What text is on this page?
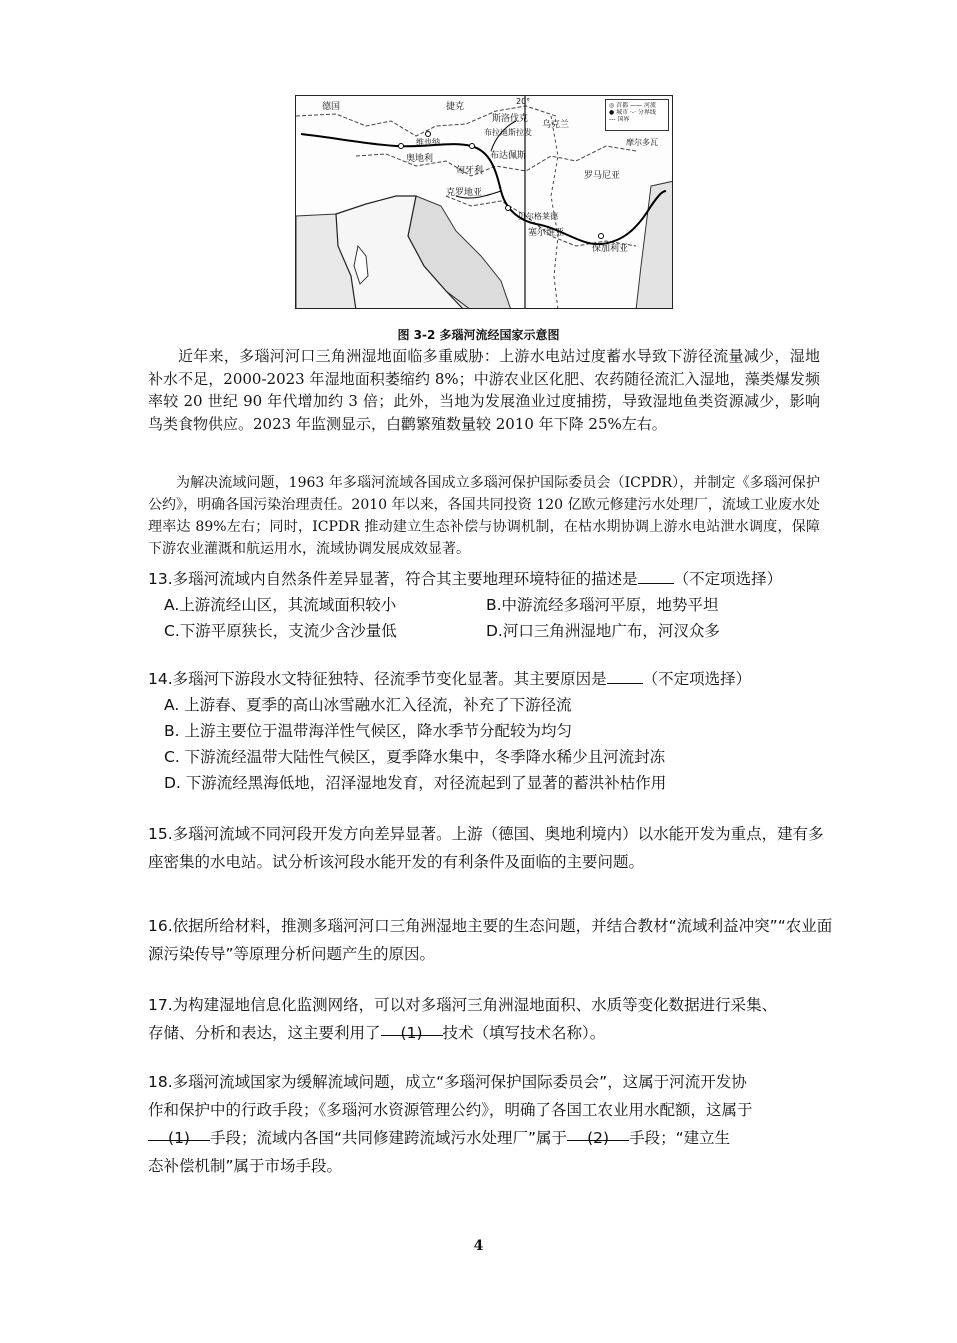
德国	捷克
20°
斯洛伐克
布拉迪斯拉发
乌克兰
维也纳
奥地利	布达佩斯
匈牙利
克罗地亚
罗马尼亚
贝尔格莱德
塞尔维亚
保加利亚
摩尔多瓦
◎ 首都 —— 河流
● 城市 ·-· 分界线
--- 国界
图 3-2 多瑙河流经国家示意图

近年来，多瑙河河口三角洲湿地面临多重威胁：上游水电站过度蓄水导致下游径流量减少，湿地补水不足，2000-2023 年湿地面积萎缩约 8%；中游农业区化肥、农药随径流汇入湿地，藻类爆发频率较 20 世纪 90 年代增加约 3 倍；此外，当地为发展渔业过度捕捞，导致湿地鱼类资源减少，影响鸟类食物供应。2023 年监测显示，白鹳繁殖数量较 2010 年下降 25%左右。

为解决流域问题，1963 年多瑙河流域各国成立多瑙河保护国际委员会（ICPDR），并制定《多瑙河保护公约》，明确各国污染治理责任。2010 年以来，各国共同投资 120 亿欧元修建污水处理厂，流域工业废水处理率达 89%左右；同时，ICPDR 推动建立生态补偿与协调机制，在枯水期协调上游水电站泄水调度，保障下游农业灌溉和航运用水，流域协调发展成效显著。

13.多瑙河流域内自然条件差异显著，符合其主要地理环境特征的描述是 （不定项选择）
A.上游流经山区，其流域面积较小	B.中游流经多瑙河平原，地势平坦
C.下游平原狭长，支流少含沙量低	D.河口三角洲湿地广布，河汊众多
14.多瑙河下游段水文特征独特、径流季节变化显著。其主要原因是 （不定项选择）
A. 上游春、夏季的高山冰雪融水汇入径流，补充了下游径流
B. 上游主要位于温带海洋性气候区，降水季节分配较为均匀
C. 下游流经温带大陆性气候区，夏季降水集中，冬季降水稀少且河流封冻
D. 下游流经黑海低地，沼泽湿地发育，对径流起到了显著的蓄洪补枯作用
15.多瑙河流域不同河段开发方向差异显著。上游（德国、奥地利境内）以水能开发为重点，建有多座密集的水电站。试分析该河段水能开发的有利条件及面临的主要问题。
16.依据所给材料，推测多瑙河河口三角洲湿地主要的生态问题，并结合教材“流域利益冲突”“农业面源污染传导”等原理分析问题产生的原因。
17.为构建湿地信息化监测网络，可以对多瑙河三角洲湿地面积、水质等变化数据进行采集、
存储、分析和表达，这主要利用了 (1) 技术（填写技术名称）。
18.多瑙河流域国家为缓解流域问题，成立“多瑙河保护国际委员会”，这属于河流开发协
作和保护中的行政手段；《多瑙河水资源管理公约》，明确了各国工农业用水配额，这属于
(1) 手段；流域内各国“共同修建跨流域污水处理厂”属于 (2) 手段；“建立生
态补偿机制”属于市场手段。
4
